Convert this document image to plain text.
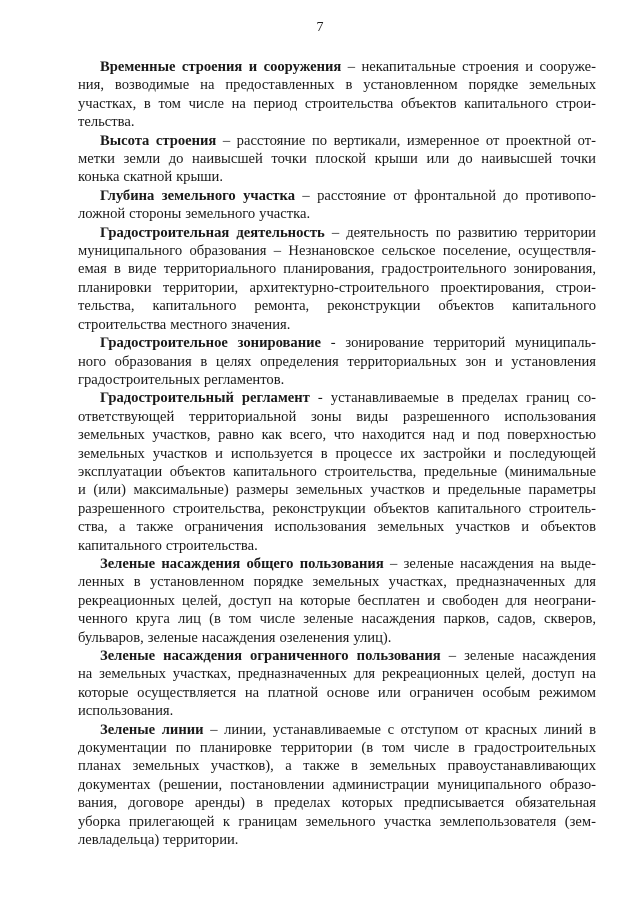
7
Временные строения и сооружения – некапитальные строения и сооруже-
ния, возводимые на предоставленных в установленном порядке земельных
участках, в том числе на период строительства объектов капитального строи-
тельства.
Высота строения – расстояние по вертикали, измеренное от проектной от-
метки земли до наивысшей точки плоской крыши или до наивысшей точки
конька скатной крыши.
Глубина земельного участка – расстояние от фронтальной до противопо-
ложной стороны земельного участка.
Градостроительная деятельность – деятельность по развитию территории
муниципального образования – Незнановское сельское поселение, осуществля-
емая в виде территориального планирования, градостроительного зонирования,
планировки территории, архитектурно-строительного проектирования, строи-
тельства, капитального ремонта, реконструкции объектов капитального
строительства местного значения.
Градостроительное зонирование - зонирование территорий муниципаль-
ного образования в целях определения территориальных зон и установления
градостроительных регламентов.
Градостроительный регламент - устанавливаемые в пределах границ со-
ответствующей территориальной зоны виды разрешенного использования
земельных участков, равно как всего, что находится над и под поверхностью
земельных участков и используется в процессе их застройки и последующей
эксплуатации объектов капитального строительства, предельные (минимальные
и (или) максимальные) размеры земельных участков и предельные параметры
разрешенного строительства, реконструкции объектов капитального строитель-
ства, а также ограничения использования земельных участков и объектов
капитального строительства.
Зеленые насаждения общего пользования – зеленые насаждения на выде-
ленных в установленном порядке земельных участках, предназначенных для
рекреационных целей, доступ на которые бесплатен и свободен для неограни-
ченного круга лиц (в том числе зеленые насаждения парков, садов, скверов,
бульваров, зеленые насаждения озеленения улиц).
Зеленые насаждения ограниченного пользования – зеленые насаждения
на земельных участках, предназначенных для рекреационных целей, доступ на
которые осуществляется на платной основе или ограничен особым режимом
использования.
Зеленые линии – линии, устанавливаемые с отступом от красных линий в
документации по планировке территории (в том числе в градостроительных
планах земельных участков), а также в земельных правоустанавливающих
документах (решении, постановлении администрации муниципального образо-
вания, договоре аренды) в пределах которых предписывается обязательная
уборка прилегающей к границам земельного участка землепользователя (зем-
левладельца) территории.
